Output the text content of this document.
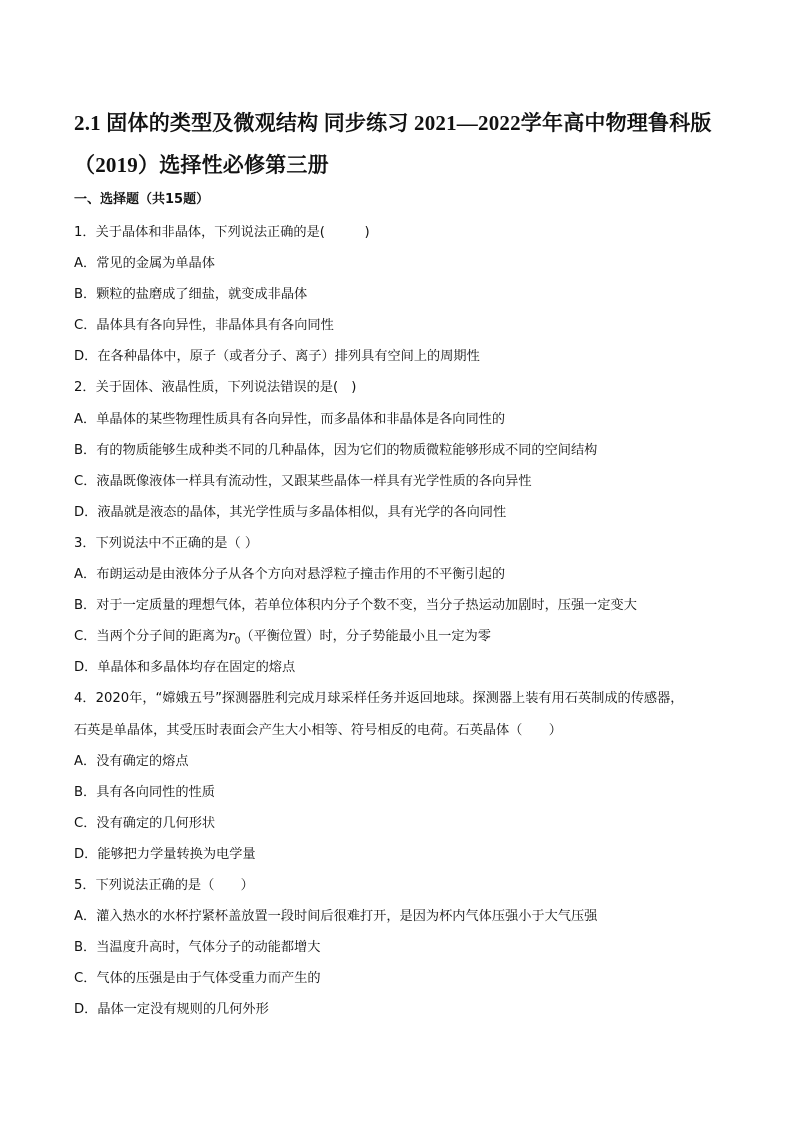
2.1 固体的类型及微观结构 同步练习 2021—2022学年高中物理鲁科版
（2019）选择性必修第三册
一、选择题（共15题）
1．关于晶体和非晶体，下列说法正确的是(　　　)
A．常见的金属为单晶体
B．颗粒的盐磨成了细盐，就变成非晶体
C．晶体具有各向异性，非晶体具有各向同性
D．在各种晶体中，原子（或者分子、离子）排列具有空间上的周期性
2．关于固体、液晶性质，下列说法错误的是(　)
A．单晶体的某些物理性质具有各向异性，而多晶体和非晶体是各向同性的
B．有的物质能够生成种类不同的几种晶体，因为它们的物质微粒能够形成不同的空间结构
C．液晶既像液体一样具有流动性，又跟某些晶体一样具有光学性质的各向异性
D．液晶就是液态的晶体，其光学性质与多晶体相似，具有光学的各向同性
3．下列说法中不正确的是（ ）
A．布朗运动是由液体分子从各个方向对悬浮粒子撞击作用的不平衡引起的
B．对于一定质量的理想气体，若单位体积内分子个数不变，当分子热运动加剧时，压强一定变大
C．当两个分子间的距离为$r_0$（平衡位置）时，分子势能最小且一定为零
D．单晶体和多晶体均存在固定的熔点
4．2020年，“嫦娥五号”探测器胜利完成月球采样任务并返回地球。探测器上装有用石英制成的传感器，
石英是单晶体，其受压时表面会产生大小相等、符号相反的电荷。石英晶体（　　）
A．没有确定的熔点
B．具有各向同性的性质
C．没有确定的几何形状
D．能够把力学量转换为电学量
5．下列说法正确的是（　　）
A．灌入热水的水杯拧紧杯盖放置一段时间后很难打开，是因为杯内气体压强小于大气压强
B．当温度升高时，气体分子的动能都增大
C．气体的压强是由于气体受重力而产生的
D．晶体一定没有规则的几何外形
